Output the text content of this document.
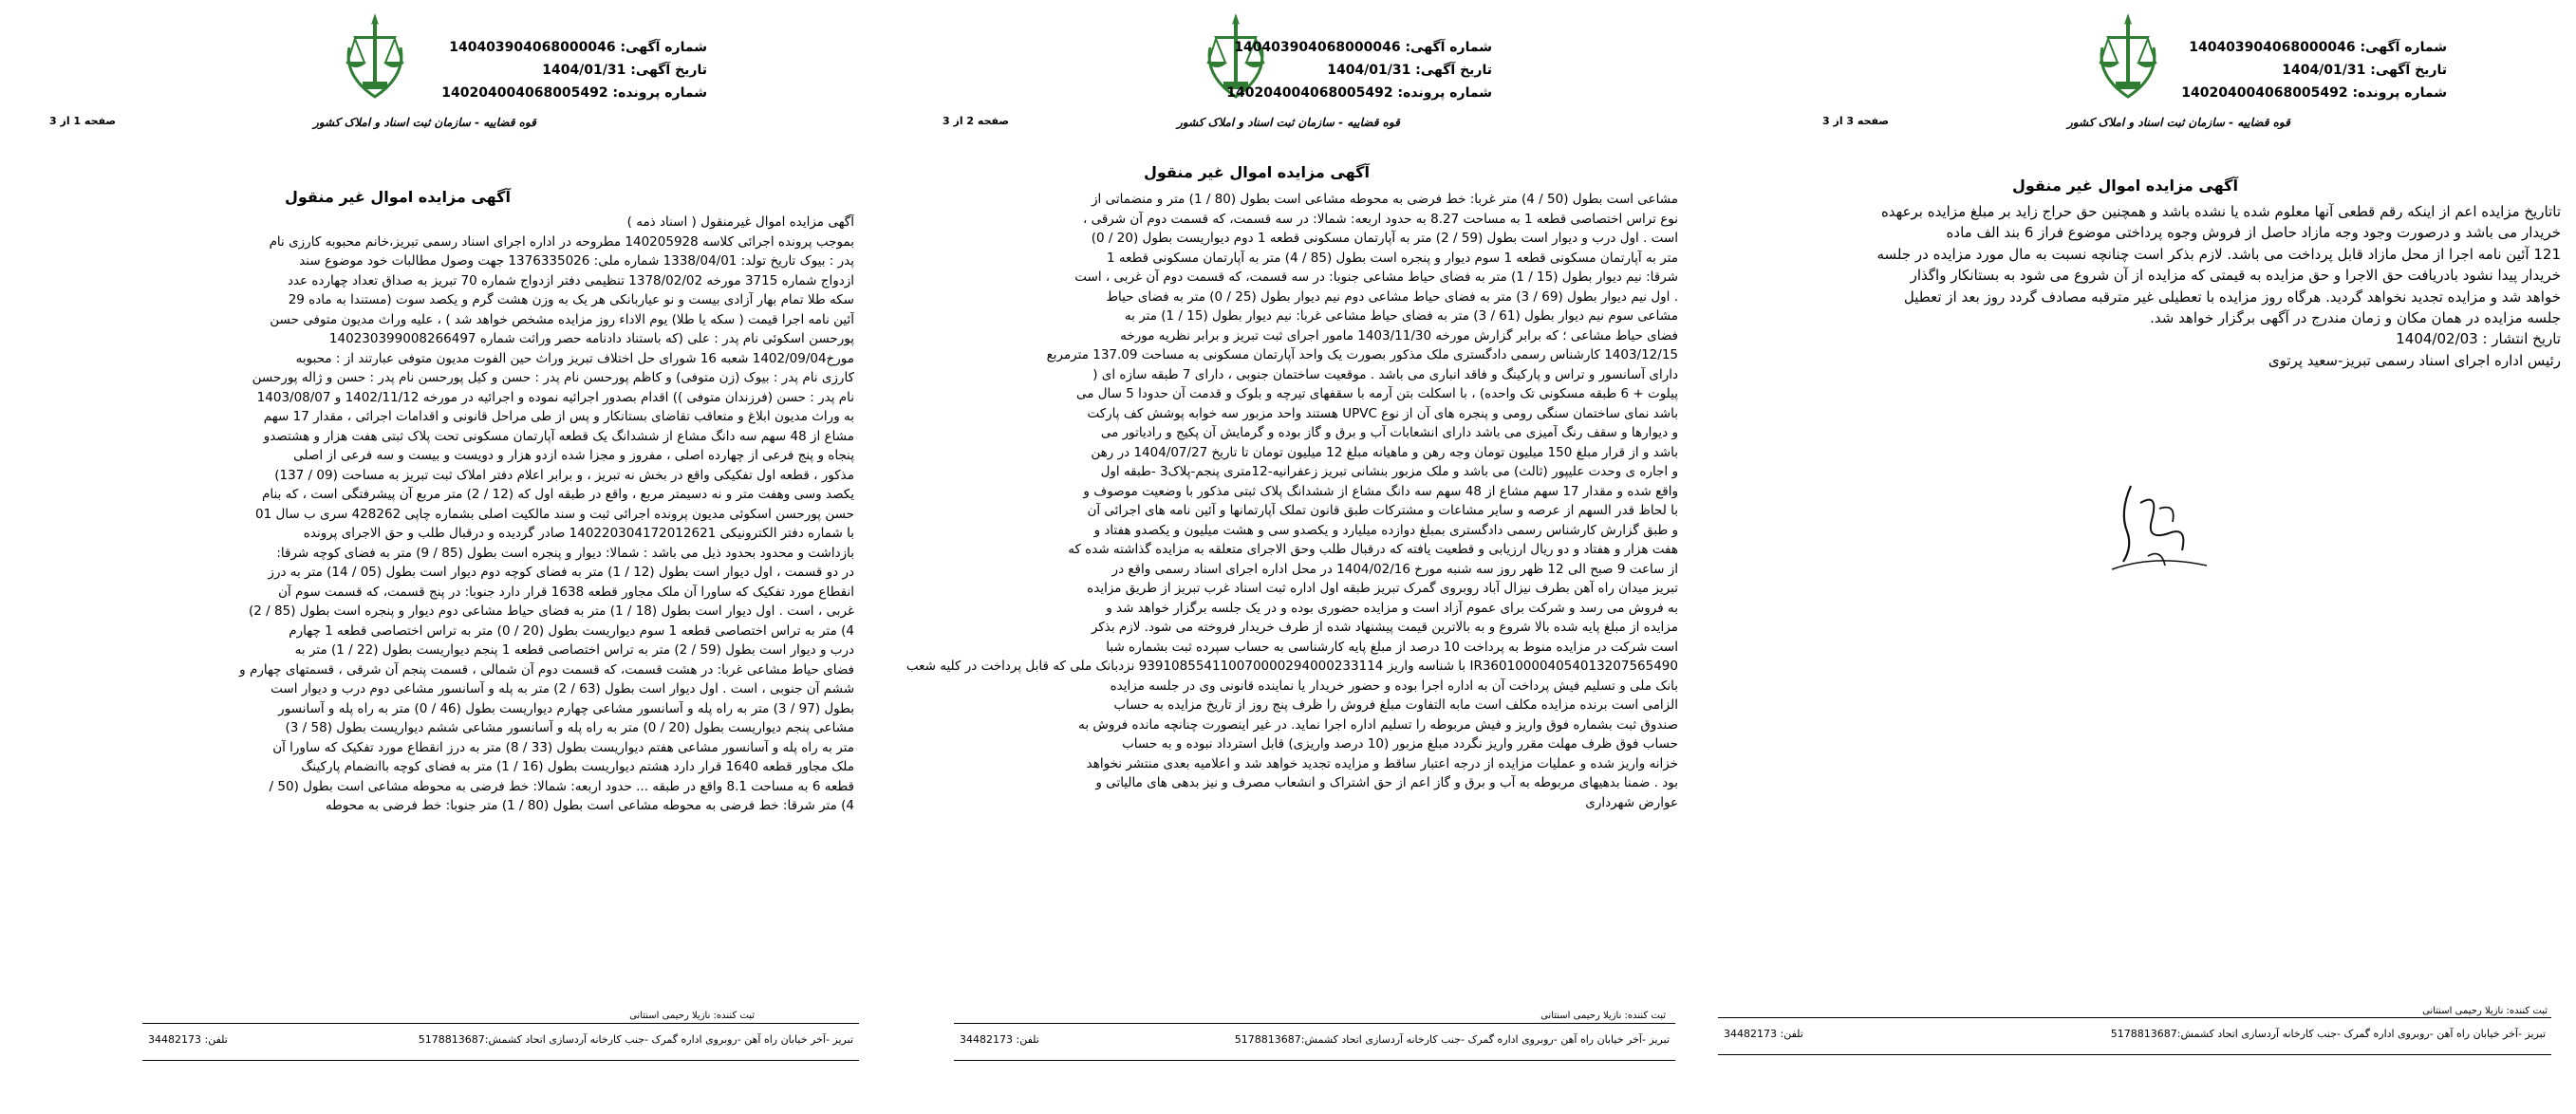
قوه قضاییه - سازمان ثبت اسناد و املاک کشور
شماره آگهی: 140403904068000046
تاریخ آگهی: 1404/01/31
شماره پرونده: 140204004068005492
صفحه 1 از 3
آگهی مزایده اموال غیر منقول
آگهی مزایده اموال غیرمنقول ( اسناد ذمه )
بموجب پرونده اجرائی کلاسه 140205928 مطروحه در اداره اجرای اسناد رسمی تبریز،خانم محبوبه کارزی نام
پدر : بیوک تاریخ تولد: 1338/04/01 شماره ملی: 1376335026 جهت وصول مطالبات خود موضوع سند
ازدواج شماره 3715 مورخه 1378/02/02 تنظیمی دفتر ازدواج شماره 70 تبریز به صداق تعداد چهارده عدد
سکه طلا تمام بهار آزادی بیست و نو عیاربانکی هر یک به وزن هشت گرم و یکصد سوت (مستندا به ماده 29
آئین نامه اجرا قیمت ( سکه یا طلا) یوم الاداء روز مزایده مشخص خواهد شد ) ، علیه وراث مدیون متوفی حسن
پورحسن اسکوئی نام پدر : علی (که باستناد دادنامه حصر وراثت شماره 140230399008266497
مورخ1402/09/04 شعبه 16 شورای حل اختلاف تبریز وراث حین الفوت مدیون متوفی عبارتند از : محبوبه
کارزی نام پدر : بیوک (زن متوفی) و کاظم پورحسن نام پدر : حسن و کیل پورحسن نام پدر : حسن و ژاله پورحسن
نام پدر : حسن (فرزندان متوفی )) اقدام بصدور اجرائیه نموده و اجرائیه در مورخه 1402/11/12 و 1403/08/07
به وراث مدیون ابلاغ و متعاقب تقاضای بستانکار و پس از طی مراحل قانونی و اقدامات اجرائی ، مقدار 17 سهم
مشاع از 48 سهم سه دانگ مشاع از ششدانگ یک قطعه آپارتمان مسکونی تحت پلاک ثبتی هفت هزار و هشتصدو
پنجاه و پنج فرعی از چهارده اصلی ، مفروز و مجزا شده ازدو هزار و دویست و بیست و سه فرعی از اصلی
مذکور ، قطعه اول تفکیکی واقع در بخش نه تبریز ، و برابر اعلام دفتر املاک ثبت تبریز به مساحت (09 / 137)
یکصد وسی وهفت متر و نه دسیمتر مربع ، واقع در طبقه اول که (12 / 2) متر مربع آن پیشرفتگی است ، که بنام
حسن پورحسن اسکوئی مدیون پرونده اجرائی ثبت و سند مالکیت اصلی بشماره چاپی 428262 سری ب سال 01
با شماره دفتر الکترونیکی 140220304172012621 صادر گردیده و درقبال طلب و حق الاجرای پرونده
بازداشت و محدود بحدود ذیل می باشد : شمالا: دیوار و پنجره است بطول (85 / 9) متر به فضای کوچه شرقا:
در دو قسمت ، اول دیوار است بطول (12 / 1) متر به فضای کوچه دوم دیوار است بطول (05 / 14) متر به درز
انقطاع مورد تفکیک که ساورا آن ملک مجاور قطعه 1638 قرار دارد جنوبا: در پنج قسمت، که قسمت سوم آن
غربی ، است . اول دیوار است بطول (18 / 1) متر به فضای حیاط مشاعی دوم دیوار و پنجره است بطول (85 / 2)
4) متر به تراس اختصاصی قطعه 1 سوم دیواریست بطول (20 / 0) متر به تراس اختصاصی قطعه 1 چهارم
درب و دیوار است بطول (59 / 2) متر به تراس اختصاصی قطعه 1 پنجم دیواریست بطول (22 / 1) متر به
فضای حیاط مشاعی غربا: در هشت قسمت، که قسمت دوم آن شمالی ، قسمت پنجم آن شرقی ، قسمتهای چهارم و
ششم آن جنوبی ، است . اول دیوار است بطول (63 / 2) متر به پله و آسانسور مشاعی دوم درب و دیوار است
بطول (97 / 3) متر به راه پله و آسانسور مشاعی چهارم دیواریست بطول (46 / 0) متر به راه پله و آسانسور
مشاعی پنجم دیواریست بطول (20 / 0) متر به راه پله و آسانسور مشاعی ششم دیواریست بطول (58 / 3)
متر به راه پله و آسانسور مشاعی هفتم دیواریست بطول (33 / 8) متر به درز انقطاع مورد تفکیک که ساورا آن
ملک مجاور قطعه 1640 قرار دارد هشتم دیواریست بطول (16 / 1) متر به فضای کوچه باانضمام پارکینگ
قطعه 6 به مساحت 8.1 واقع در طبقه ... حدود اربعه: شمالا: خط فرضی به محوطه مشاعی است بطول (50 /
4) متر شرقا: خط فرضی به محوطه مشاعی است بطول (80 / 1) متر جنوبا: خط فرضی به محوطه
ثبت کننده: نازیلا رحیمی اسنتانی
تبریز -آخر خیابان راه آهن -روبروی اداره گمرک -جنب کارخانه آردسازی اتحاد کشمش:5178813687
تلفن: 34482173
قوه قضاییه - سازمان ثبت اسناد و املاک کشور
شماره آگهی: 140403904068000046
تاریخ آگهی: 1404/01/31
شماره پرونده: 140204004068005492
صفحه 2 از 3
آگهی مزایده اموال غیر منقول
مشاعی است بطول (50 / 4) متر غربا: خط فرضی به محوطه مشاعی است بطول (80 / 1) متر و منضماتی از
نوع تراس اختصاصی قطعه 1 به مساحت 8.27 به حدود اربعه: شمالا: در سه قسمت، که قسمت دوم آن شرقی ،
است . اول درب و دیوار است بطول (59 / 2) متر به آپارتمان مسکونی قطعه 1 دوم دیواریست بطول (20 / 0)
متر به آپارتمان مسکونی قطعه 1 سوم دیوار و پنجره است بطول (85 / 4) متر به آپارتمان مسکونی قطعه 1
شرقا: نیم دیوار بطول (15 / 1) متر به فضای حیاط مشاعی جنوبا: در سه قسمت، که قسمت دوم آن غربی ، است
. اول نیم دیوار بطول (69 / 3) متر به فضای حیاط مشاعی دوم نیم دیوار بطول (25 / 0) متر به فضای حیاط
مشاعی سوم نیم دیوار بطول (61 / 3) متر به فضای حیاط مشاعی غربا: نیم دیوار بطول (15 / 1) متر به
فضای حیاط مشاعی ؛ که برابر گزارش مورخه 1403/11/30 مامور اجرای ثبت تبریز و برابر نظریه مورخه
1403/12/15 کارشناس رسمی دادگستری ملک مذکور بصورت یک واحد آپارتمان مسکونی به مساحت 137.09 مترمربع
دارای آسانسور و تراس و پارکینگ و فاقد انباری می باشد . موقعیت ساختمان جنوبی ، دارای 7 طبقه سازه ای (
پیلوت + 6 طبقه مسکونی تک واحده) ، با اسکلت بتن آرمه با سقفهای تیرچه و بلوک و قدمت آن حدودا 5 سال می
باشد نمای ساختمان سنگی رومی و پنجره های آن از نوع UPVC هستند واحد مزبور سه خوابه پوشش کف پارکت
و دیوارها و سقف رنگ آمیزی می باشد دارای انشعابات آب و برق و گاز بوده و گرمایش آن پکیج و رادیاتور می
باشد و از قرار مبلغ 150 میلیون تومان وجه رهن و ماهیانه مبلغ 12 میلیون تومان تا تاریخ 1404/07/27 در رهن
و اجاره ی وحدت علیپور (ثالث) می باشد و ملک مزبور بنشانی تبریز زعفرانیه-12متری پنجم-پلاک3 -طبقه اول
واقع شده و مقدار 17 سهم مشاع از 48 سهم سه دانگ مشاع از ششدانگ پلاک ثبتی مذکور با وضعیت موصوف و
با لحاظ قدر السهم از عرصه و سایر مشاعات و مشترکات طبق قانون تملک آپارتمانها و آئین نامه های اجرائی آن
و طبق گزارش کارشناس رسمی دادگستری بمبلغ دوازده میلیارد و یکصدو سی و هشت میلیون و یکصدو هفتاد و
هفت هزار و هفتاد و دو ریال ارزیابی و قطعیت یافته که درقبال طلب وحق الاجرای متعلقه به مزایده گذاشته شده که
از ساعت 9 صبح الی 12 ظهر روز سه شنبه مورخ 1404/02/16 در محل اداره اجرای اسناد رسمی واقع در
تبریز میدان راه آهن بطرف نیزال آباد روبروی گمرک تبریز طبقه اول اداره ثبت اسناد غرب تبریز از طریق مزایده
به فروش می رسد و شرکت برای عموم آزاد است و مزایده حضوری بوده و در یک جلسه برگزار خواهد شد و
مزایده از مبلغ پایه شده بالا شروع و به بالاترین قیمت پیشنهاد شده از طرف خریدار فروخته می شود. لازم بذکر
است شرکت در مزایده منوط به پرداخت 10 درصد از مبلغ پایه کارشناسی به حساب سپرده ثبت بشماره شبا
IR360100004054013207565490 با شناسه واریز 939108554110070000294000233114 نزدبانک ملی که قابل پرداخت در کلیه شعب
بانک ملی و تسلیم فیش پرداخت آن به اداره اجرا بوده و حضور خریدار یا نماینده قانونی وی در جلسه مزایده
الزامی است برنده مزایده مکلف است مابه التفاوت مبلغ فروش را ظرف پنج روز از تاریخ مزایده به حساب
صندوق ثبت بشماره فوق واریز و فیش مربوطه را تسلیم اداره اجرا نماید. در غیر اینصورت چنانچه مانده فروش به
حساب فوق ظرف مهلت مقرر واریز نگردد مبلغ مزبور (10 درصد واریزی) قابل استرداد نبوده و به حساب
خزانه واریز شده و عملیات مزایده از درجه اعتبار ساقط و مزایده تجدید خواهد شد و اعلامیه بعدی منتشر نخواهد
بود . ضمنا بدهیهای مربوطه به آب و برق و گاز اعم از حق اشتراک و انشعاب مصرف و نیز بدهی های مالیاتی و
عوارض شهرداری
ثبت کننده: نازیلا رحیمی اسنتانی
تبریز -آخر خیابان راه آهن -روبروی اداره گمرک -جنب کارخانه آردسازی اتحاد کشمش:5178813687
تلفن: 34482173
قوه قضاییه - سازمان ثبت اسناد و املاک کشور
شماره آگهی: 140403904068000046
تاریخ آگهی: 1404/01/31
شماره پرونده: 140204004068005492
صفحه 3 از 3
آگهی مزایده اموال غیر منقول
تاتاریخ مزایده اعم از اینکه رقم قطعی آنها معلوم شده یا نشده باشد و همچنین حق حراج زاید بر مبلغ مزایده برعهده
خریدار می باشد و درصورت وجود وجه مازاد حاصل از فروش وجوه پرداختی موضوع فراز 6 بند الف ماده
121 آئین نامه اجرا از محل مازاد قابل پرداخت می باشد. لازم بذکر است چنانچه نسبت به مال مورد مزایده در جلسه
خریدار پیدا نشود بادریافت حق الاجرا و حق مزایده به قیمتی که مزایده از آن شروع می شود به بستانکار واگذار
خواهد شد و مزایده تجدید نخواهد گردید. هرگاه روز مزایده با تعطیلی غیر مترقبه مصادف گردد روز بعد از تعطیل
جلسه مزایده در همان مکان و زمان مندرج در آگهی برگزار خواهد شد.
تاریخ انتشار : 1404/02/03
رئیس اداره اجرای اسناد رسمی تبریز-سعید پرتوی
ثبت کننده: نازیلا رحیمی اسنتانی
تبریز -آخر خیابان راه آهن -روبروی اداره گمرک -جنب کارخانه آردسازی اتحاد کشمش:5178813687
تلفن: 34482173
